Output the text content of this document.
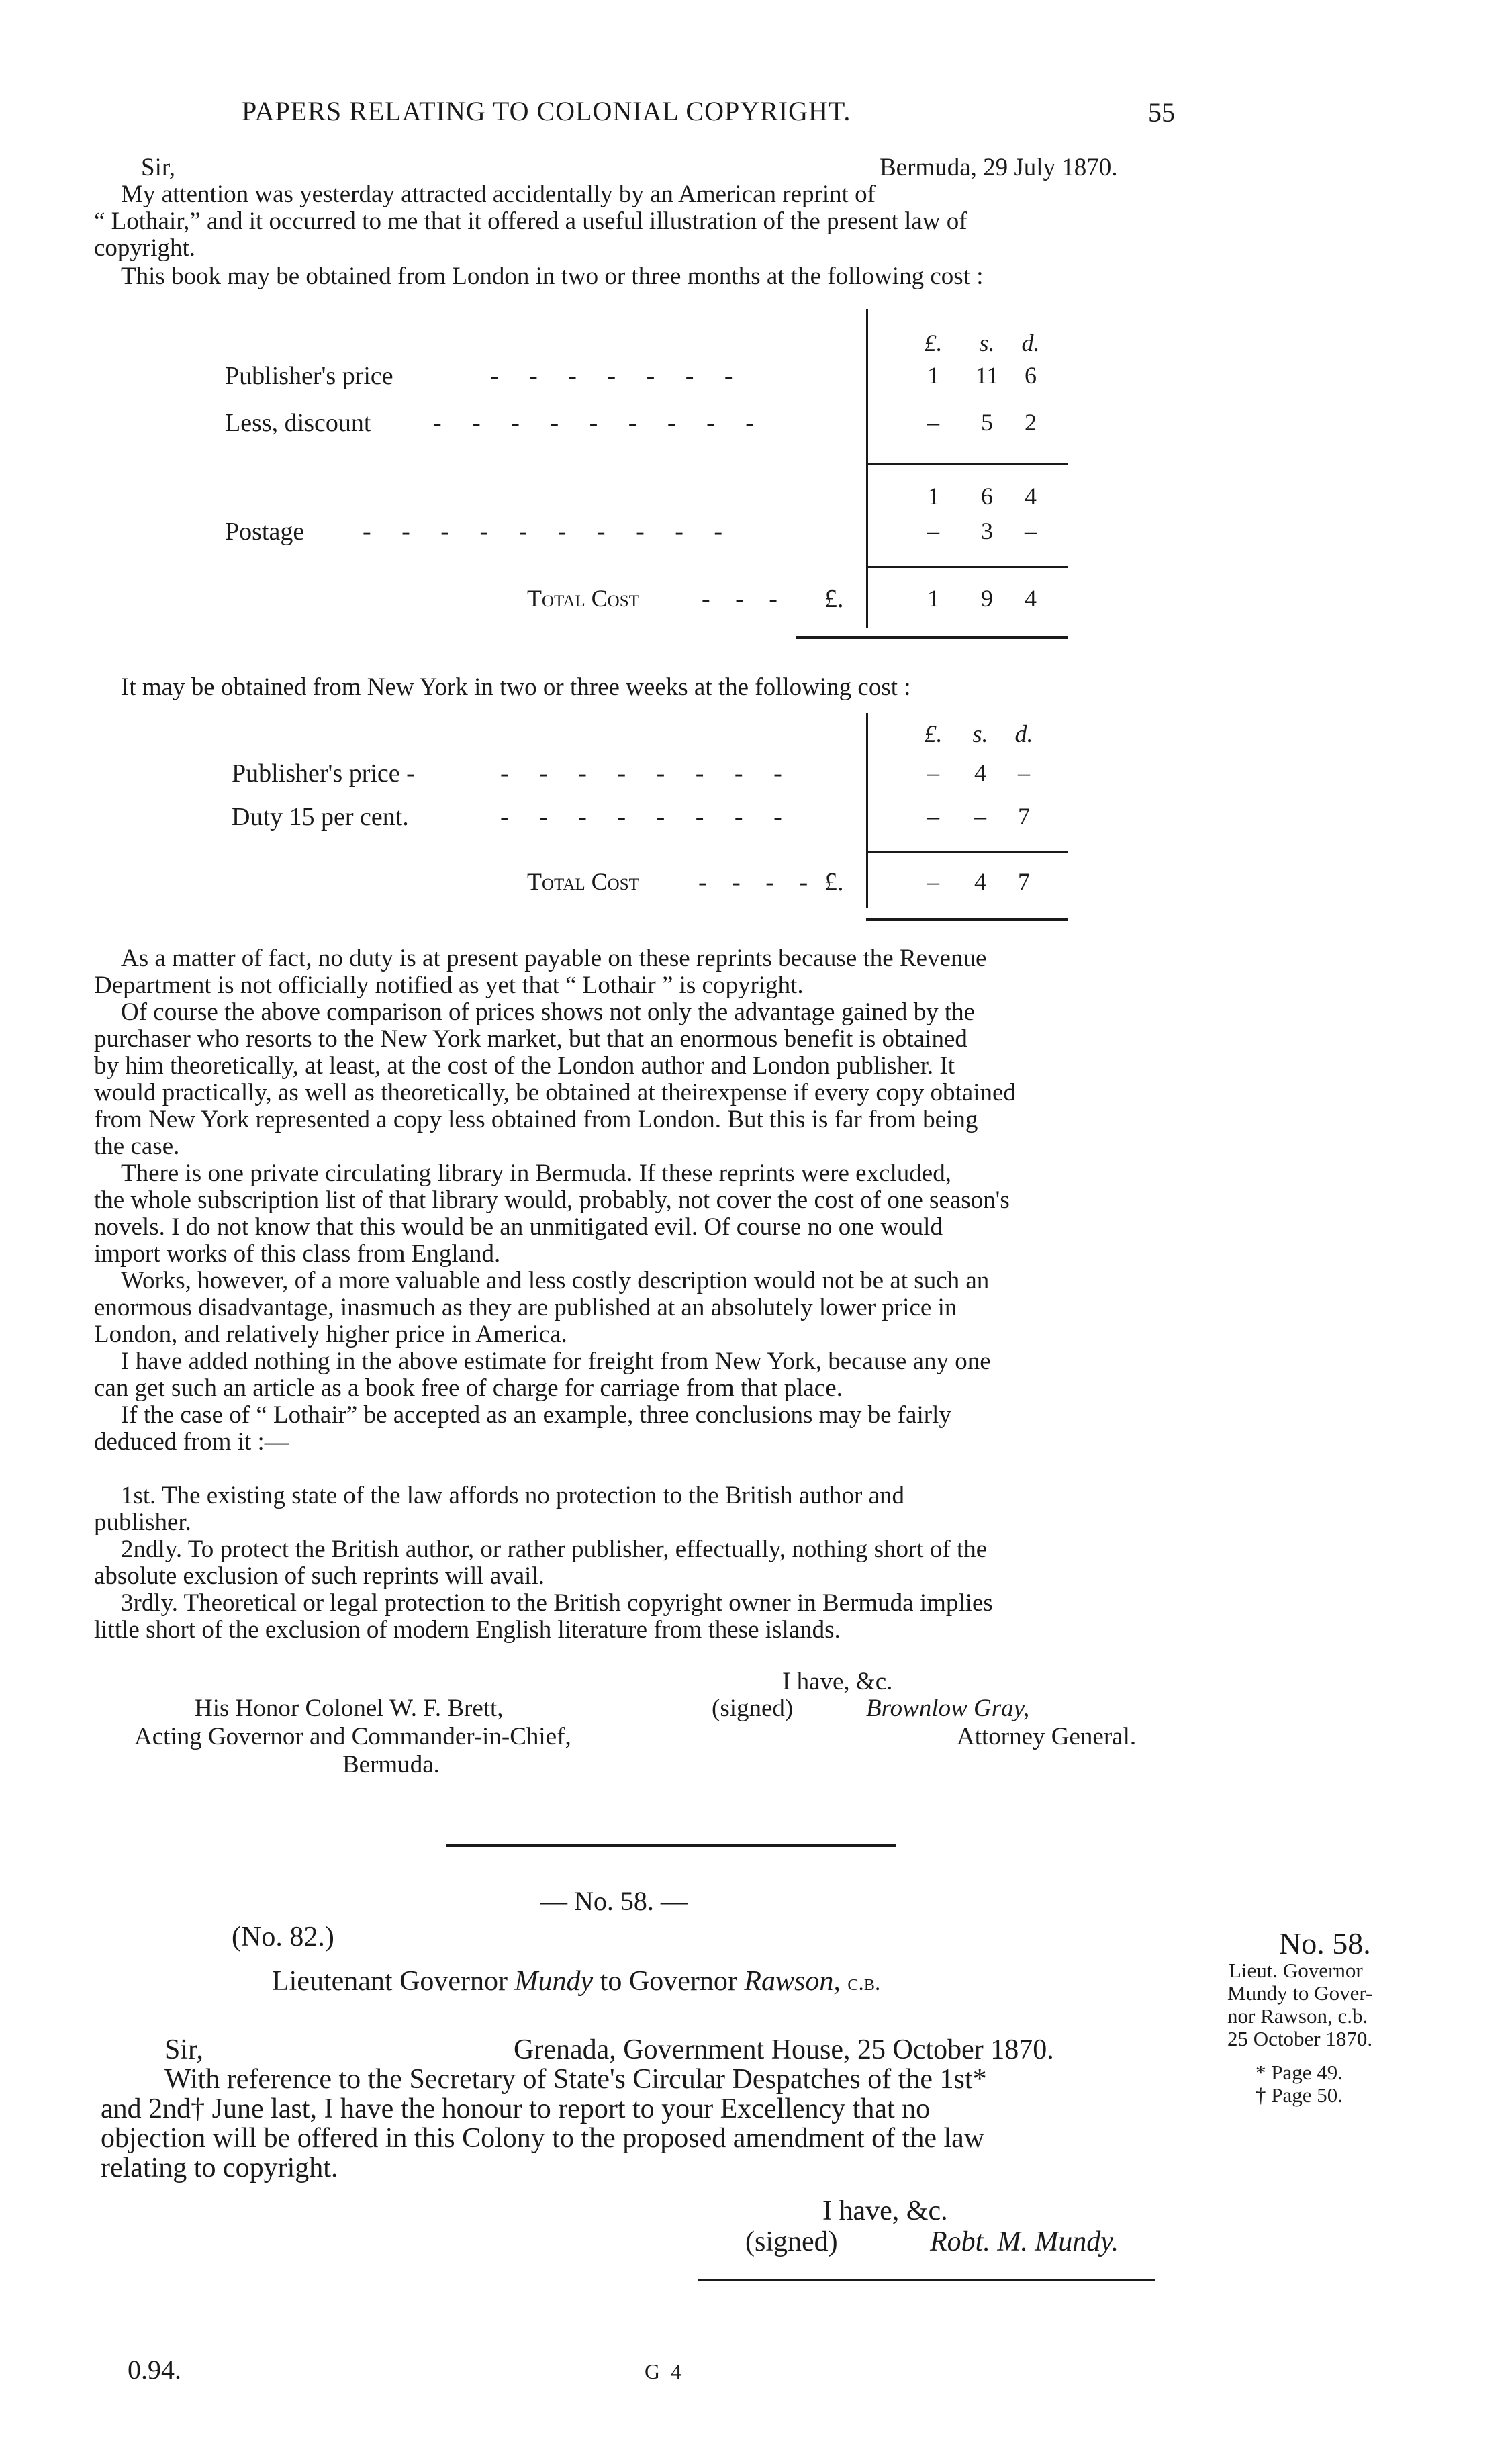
PAPERS RELATING TO COLONIAL COPYRIGHT.	55
Sir,	Bermuda, 29 July 1870.
My attention was yesterday attracted accidentally by an American reprint of
“ Lothair,” and it occurred to me that it offered a useful illustration of the present law of
copyright.
This book may be obtained from London in two or three months at the following cost :
£.	s.	d.
Publisher's price	- - - - - - -	1	11	6
Less, discount - - - - - - - - -	–	5	2
1	6	4
Postage - - - - - - - - - -	–	3	–
Total Cost - - - £.	1	9	4
It may be obtained from New York in two or three weeks at the following cost :
£.	s.	d.
Publisher's price -	- - - - - - - -	–	4	–
Duty 15 per cent.	- - - - - - - -	–	–	7
Total Cost - - - - £.	–	4	7
As a matter of fact, no duty is at present payable on these reprints because the Revenue
Department is not officially notified as yet that “ Lothair ” is copyright.
Of course the above comparison of prices shows not only the advantage gained by the
purchaser who resorts to the New York market, but that an enormous benefit is obtained
by him theoretically, at least, at the cost of the London author and London publisher. It
would practically, as well as theoretically, be obtained at theirexpense if every copy obtained
from New York represented a copy less obtained from London. But this is far from being
the case.
There is one private circulating library in Bermuda. If these reprints were excluded,
the whole subscription list of that library would, probably, not cover the cost of one season's
novels. I do not know that this would be an unmitigated evil. Of course no one would
import works of this class from England.
Works, however, of a more valuable and less costly description would not be at such an
enormous disadvantage, inasmuch as they are published at an absolutely lower price in
London, and relatively higher price in America.
I have added nothing in the above estimate for freight from New York, because any one
can get such an article as a book free of charge for carriage from that place.
If the case of “ Lothair” be accepted as an example, three conclusions may be fairly
deduced from it :—
1st. The existing state of the law affords no protection to the British author and
publisher.
2ndly. To protect the British author, or rather publisher, effectually, nothing short of the
absolute exclusion of such reprints will avail.
3rdly. Theoretical or legal protection to the British copyright owner in Bermuda implies
little short of the exclusion of modern English literature from these islands.
I have, &c.
(signed)	Brownlow Gray,
Attorney General.
His Honor Colonel W. F. Brett,
Acting Governor and Commander-in-Chief,
Bermuda.
— No. 58. —
(No. 82.)
Lieutenant Governor Mundy to Governor Rawson, c.b.
Sir,	Grenada, Government House, 25 October 1870.
With reference to the Secretary of State's Circular Despatches of the 1st*
and 2nd† June last, I have the honour to report to your Excellency that no
objection will be offered in this Colony to the proposed amendment of the law
relating to copyright.
I have, &c.
(signed)	Robt. M. Mundy.
No. 58.
Lieut. Governor
Mundy to Gover-
nor Rawson, c.b.
25 October 1870.
* Page 49.
† Page 50.
0.94.	G 4
